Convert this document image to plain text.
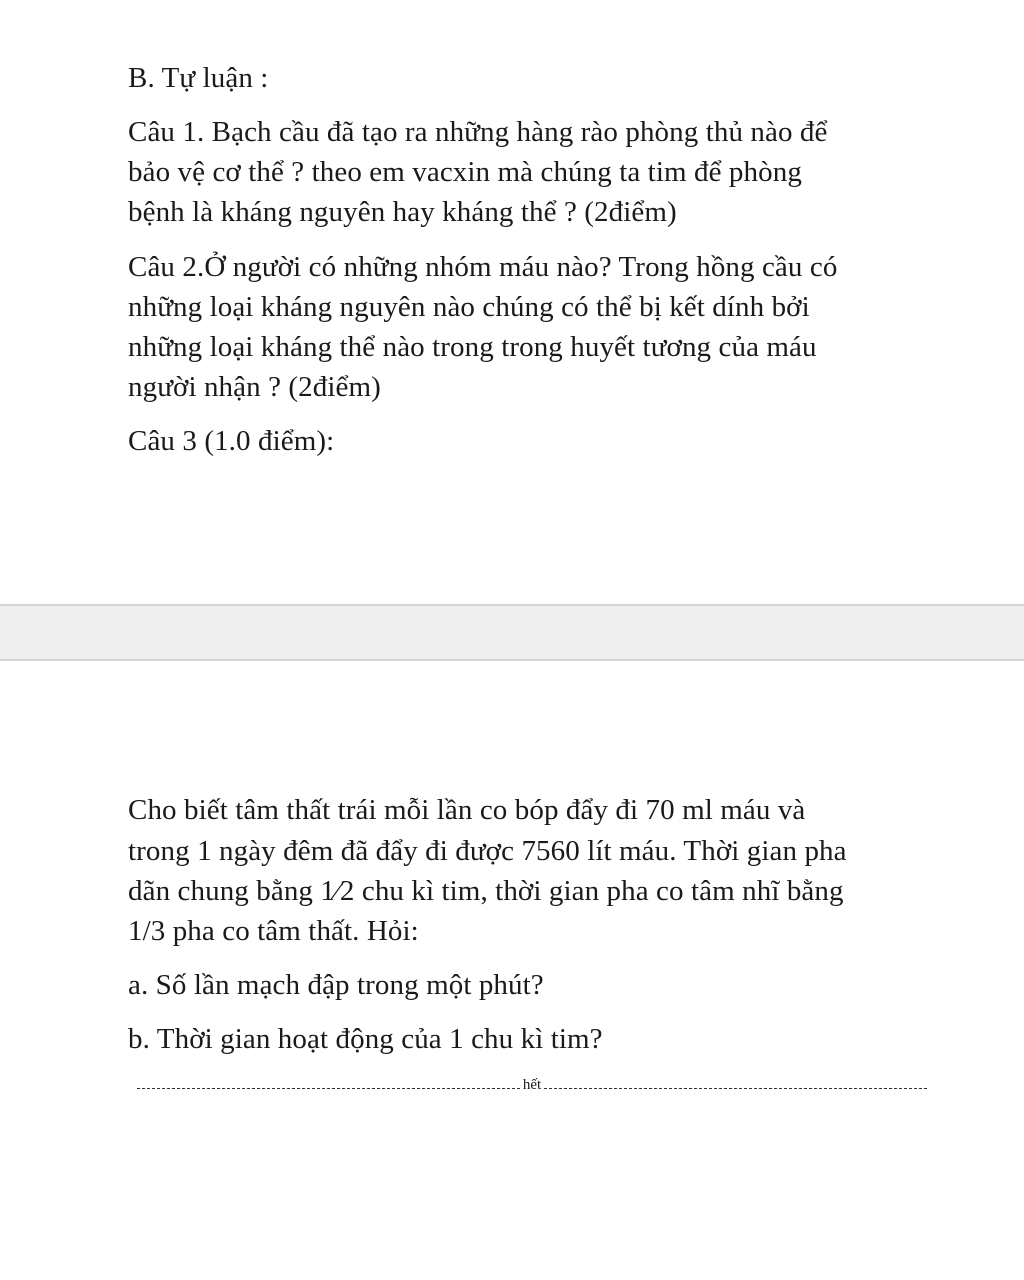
B. Tự luận :
Câu 1. Bạch cầu đã tạo ra những hàng rào phòng thủ nào để
bảo vệ cơ thể ? theo em vacxin mà chúng ta tim để phòng
bệnh là kháng nguyên hay kháng thể ? (2điểm)
Câu 2.Ở người có những nhóm máu nào? Trong hồng cầu có
những loại kháng nguyên nào chúng có thể bị kết dính bởi
những loại kháng thể nào trong trong huyết tương của máu
người nhận ? (2điểm)
Câu 3 (1.0 điểm):
Cho biết tâm thất trái mỗi lần co bóp đẩy đi 70 ml máu và
trong 1 ngày đêm đã đẩy đi được 7560 lít máu. Thời gian pha
dãn chung bằng 1⁄2 chu kì tim, thời gian pha co tâm nhĩ bằng
1/3 pha co tâm thất. Hỏi:
a. Số lần mạch đập trong một phút?
b. Thời gian hoạt động của 1 chu kì tim?
hết
